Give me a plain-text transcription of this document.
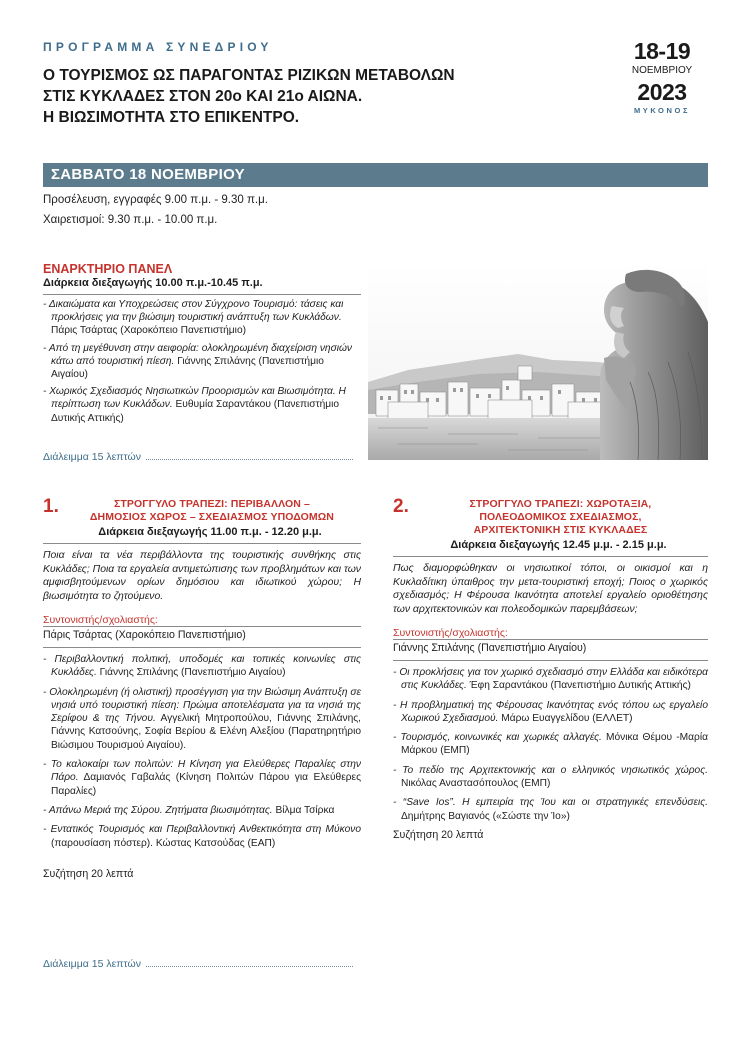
ΠΡΟΓΡΑΜΜΑ ΣΥΝΕΔΡΙΟΥ
Ο ΤΟΥΡΙΣΜΟΣ ΩΣ ΠΑΡΑΓΟΝΤΑΣ ΡΙΖΙΚΩΝ ΜΕΤΑΒΟΛΩΝ
ΣΤΙΣ ΚΥΚΛΑΔΕΣ ΣΤΟΝ 20ο ΚΑΙ 21ο ΑΙΩΝΑ.
Η ΒΙΩΣΙΜΟΤΗΤΑ ΣΤΟ ΕΠΙΚΕΝΤΡΟ.
18-19
ΝΟΕΜΒΡΙΟΥ
2023
ΜΥΚΟΝΟΣ
ΣΑΒΒΑΤΟ 18 ΝΟΕΜΒΡΙΟΥ
Προσέλευση, εγγραφές 9.00 π.μ. - 9.30 π.μ.
Χαιρετισμοί: 9.30 π.μ. - 10.00 π.μ.
ΕΝΑΡΚΤΗΡΙΟ ΠΑΝΕΛ
Διάρκεια διεξαγωγής 10.00 π.μ.-10.45 π.μ.
- Δικαιώματα και Υποχρεώσεις στον Σύγχρονο Τουρισμό: τάσεις και προκλήσεις για την βιώσιμη τουριστική ανάπτυξη των Κυκλάδων. Πάρις Τσάρτας (Χαροκόπειο Πανεπιστήμιο)
- Από τη μεγέθυνση στην αειφορία: ολοκληρωμένη διαχείριση νησιών κάτω από τουριστική πίεση. Γιάννης Σπιλάνης (Πανεπιστήμιο Αιγαίου)
- Χωρικός Σχεδιασμός Νησιωτικών Προορισμών και Βιωσιμότητα. Η περίπτωση των Κυκλάδων. Ευθυμία Σαραντάκου (Πανεπιστήμιο Δυτικής Αττικής)
Διάλειμμα 15 λεπτών
1.	ΣΤΡΟΓΓΥΛΟ ΤΡΑΠΕΖΙ: ΠΕΡΙΒΑΛΛΟΝ –
ΔΗΜΟΣΙΟΣ ΧΩΡΟΣ – ΣΧΕΔΙΑΣΜΟΣ ΥΠΟΔΟΜΩΝ
Διάρκεια διεξαγωγής 11.00 π.μ. - 12.20 μ.μ.
Ποια είναι τα νέα περιβάλλοντα της τουριστικής συνθήκης στις Κυκλάδες; Ποια τα εργαλεία αντιμετώπισης των προβλημάτων και των αμφισβητούμενων ορίων δημόσιου και ιδιωτικού χώρου; Η βιωσιμότητα το ζητούμενο.
Συντονιστής/σχολιαστής:
Πάρις Τσάρτας (Χαροκόπειο Πανεπιστήμιο)
- Περιβαλλοντική πολιτική, υποδομές και τοπικές κοινωνίες στις Κυκλάδες. Γιάννης Σπιλάνης (Πανεπιστήμιο Αιγαίου)
- Ολοκληρωμένη (ή ολιστική) προσέγγιση για την Βιώσιμη Ανάπτυξη σε νησιά υπό τουριστική πίεση: Πρώιμα αποτελέσματα για τα νησιά της Σερίφου & της Τήνου. Αγγελική Μητροπούλου, Γιάννης Σπιλάνης, Γιάννης Κατσούνης, Σοφία Βερίου & Ελένη Αλεξίου (Παρατηρητήριο Βιώσιμου Τουρισμού Αιγαίου).
- Το καλοκαίρι των πολιτών: Η Κίνηση για Ελεύθερες Παραλίες στην Πάρο. Δαμιανός Γαβαλάς (Κίνηση Πολιτών Πάρου για Ελεύθερες Παραλίες)
- Απάνω Μεριά της Σύρου. Ζητήματα βιωσιμότητας. Βίλμα Τσίρκα
- Εντατικός Τουρισμός και Περιβαλλοντική Ανθεκτικότητα στη Μύκονο (παρουσίαση πόστερ). Κώστας Κατσούδας (ΕΑΠ)
Συζήτηση 20 λεπτά
Διάλειμμα 15 λεπτών
2.	ΣΤΡΟΓΓΥΛΟ ΤΡΑΠΕΖΙ: ΧΩΡΟΤΑΞΙΑ,
ΠΟΛΕΟΔΟΜΙΚΟΣ ΣΧΕΔΙΑΣΜΟΣ,
ΑΡΧΙΤΕΚΤΟΝΙΚΗ ΣΤΙΣ ΚΥΚΛΑΔΕΣ
Διάρκεια διεξαγωγής 12.45 μ.μ. - 2.15 μ.μ.
Πως διαμορφώθηκαν οι νησιωτικοί τόποι, οι οικισμοί και η Κυκλαδίτικη ύπαιθρος την μετα-τουριστική εποχή; Ποιος ο χωρικός σχεδιασμός; Η Φέρουσα Ικανότητα αποτελεί εργαλείο οριοθέτησης των αρχιτεκτονικών και πολεοδομικών παρεμβάσεων;
Συντονιστής/σχολιαστής:
Γιάννης Σπιλάνης (Πανεπιστήμιο Αιγαίου)
- Οι προκλήσεις για τον χωρικό σχεδιασμό στην Ελλάδα και ειδικότερα στις Κυκλάδες. Έφη Σαραντάκου (Πανεπιστήμιο Δυτικής Αττικής)
- Η προβληματική της Φέρουσας Ικανότητας ενός τόπου ως εργαλείο Χωρικού Σχεδιασμού. Μάρω Ευαγγελίδου (ΕΛΛΕΤ)
- Τουρισμός, κοινωνικές και χωρικές αλλαγές. Μόνικα Θέμου -Μαρία Μάρκου (ΕΜΠ)
- Το πεδίο της Αρχιτεκτονικής και ο ελληνικός νησιωτικός χώρος. Νικόλας Αναστασόπουλος (ΕΜΠ)
- “Save Ios”. Η εμπειρία της Ίου και οι στρατηγικές επενδύσεις. Δημήτρης Βαγιανός («Σώστε την Ίο»)
Συζήτηση 20 λεπτά
